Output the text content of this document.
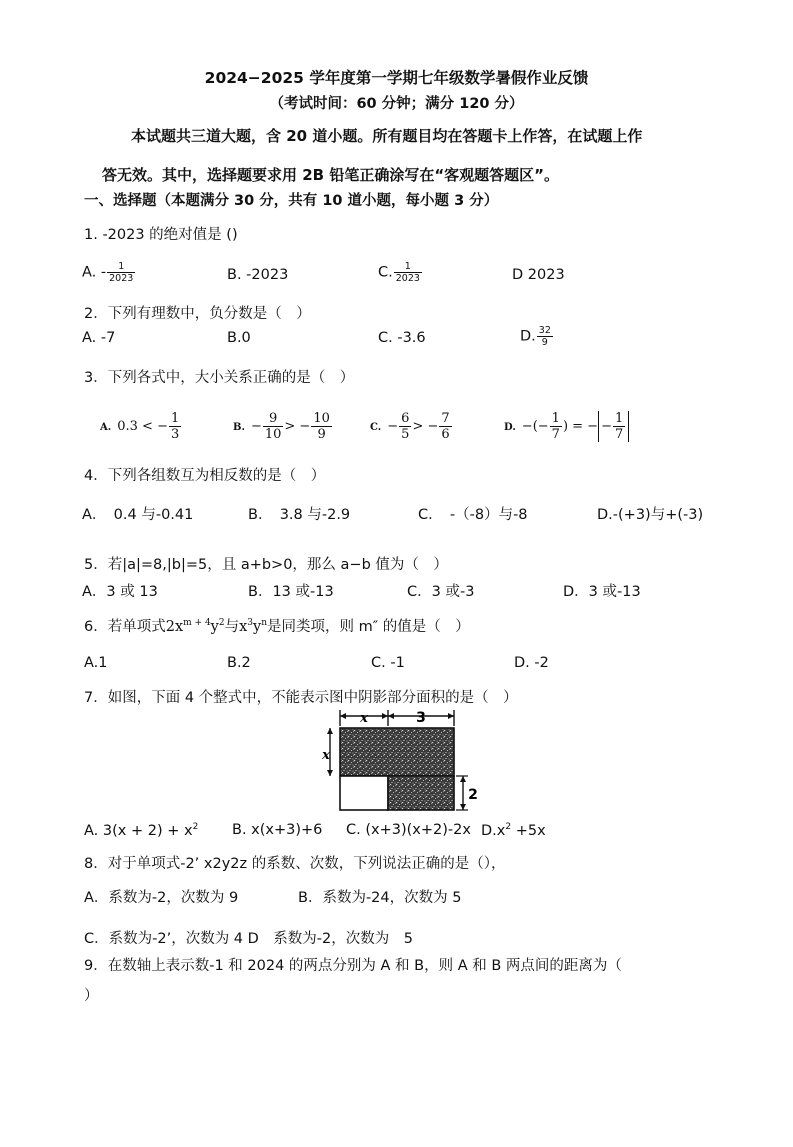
2024−2025 学年度第一学期七年级数学暑假作业反馈
（考试时间：60 分钟；满分 120 分）
本试题共三道大题，含 20 道小题。所有题目均在答题卡上作答，在试题上作
答无效。其中，选择题要求用 2B 铅笔正确涂写在“客观题答题区”。
一、选择题（本题满分 30 分，共有 10 道小题，每小题 3 分）
1. -2023 的绝对值是 ()
A. - $\frac{1}{2023}$	B. -2023	C. $\frac{1}{2023}$	D 2023
2．下列有理数中，负分数是（　）
A. -7	B.0	C. -3.6	D. $\frac{32}{9}$
3．下列各式中，大小关系正确的是（　）
A. 0.3 < − $\frac{1}{3}$	B. − $\frac{9}{10}$ > − $\frac{10}{9}$	C. − $\frac{6}{5}$ > − $\frac{7}{6}$	D. −(− $\frac{1}{7}$ ) = − − $\frac{1}{7}$
4．下列各组数互为相反数的是（　）
A．　0.4 与-0.41	B．　3.8 与-2.9	C．　-（-8）与-8	D.-(+3)与+(-3)
5．若|a|=8,|b|=5，且 a+b>0，那么 a−b 值为（　）
A．3 或 13	B．13 或-13	C．3 或-3	D．3 或-13
6．若单项式$2x^{m + 4}y^2$与$x^3y^n$是同类项，则 m″ 的值是（　）
A.1	B.2	C. -1	D. -2
7．如图，下面 4 个整式中，不能表示图中阴影部分面积的是（　）
x	3
x
2
A. $3(x + 2) + x^2$ B. x(x+3)+6 C. (x+3)(x+2)-2x $D.x^2 +5x$
8．对于单项式-2’ x2y2z 的系数、次数，下列说法正确的是（），
A．系数为-2，次数为 9	B．系数为-24，次数为 5
C．系数为-2’，次数为 4 D　系数为-2，次数为　5
9．在数轴上表示数-1 和 2024 的两点分别为 A 和 B，则 A 和 B 两点间的距离为（
）
